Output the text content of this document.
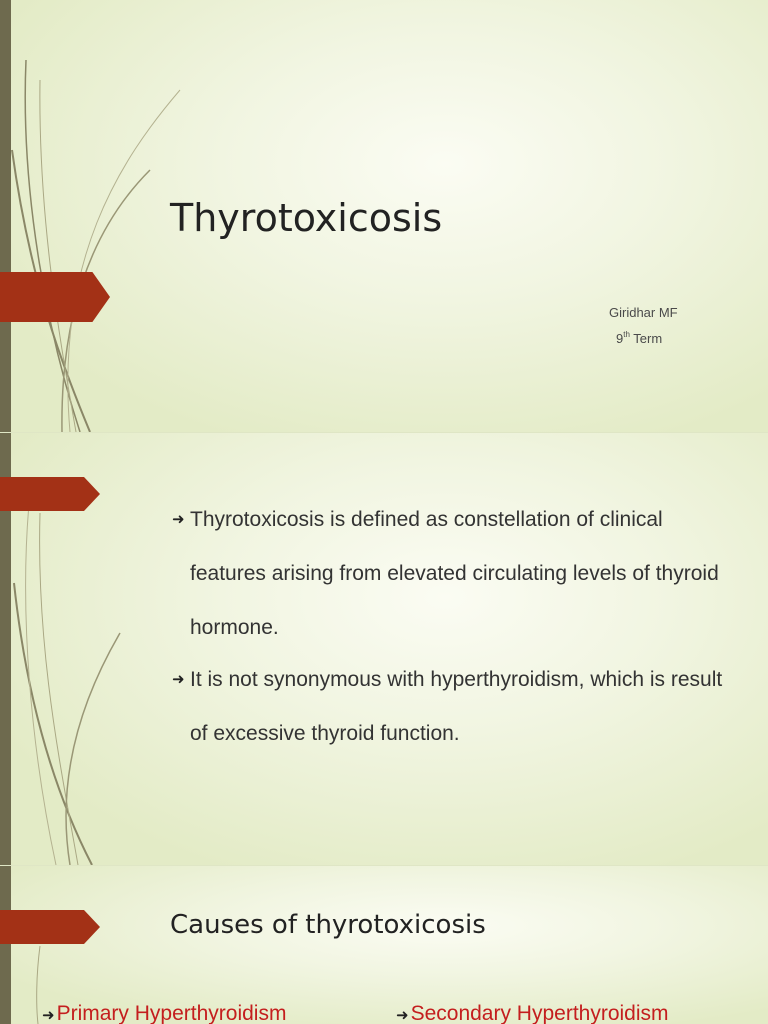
Thyrotoxicosis
Giridhar MF
9th Term
➜ Thyrotoxicosis is defined as constellation of clinical features arising from elevated circulating levels of thyroid hormone.
➜ It is not synonymous with hyperthyroidism, which is result of excessive thyroid function.
Causes of thyrotoxicosis
➜Primary Hyperthyroidism	➜Secondary Hyperthyroidism
